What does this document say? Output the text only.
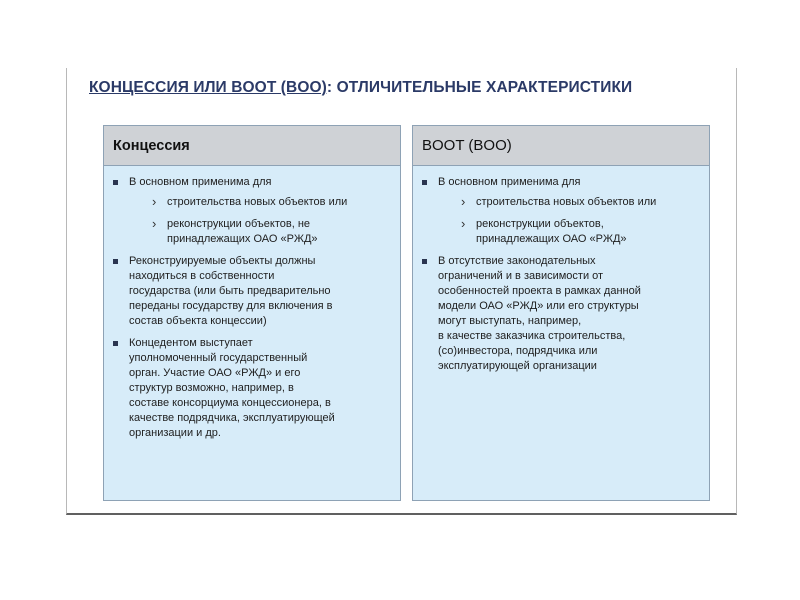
КОНЦЕССИЯ ИЛИ BOOT (BOO): ОТЛИЧИТЕЛЬНЫЕ ХАРАКТЕРИСТИКИ
Концессия
В основном применима для
› строительства новых объектов или
› реконструкции объектов, не
принадлежащих ОАО «РЖД»
Реконструируемые объекты должны
находиться в собственности
государства (или быть предварительно
переданы государству для включения в
состав объекта концессии)
Концедентом выступает
уполномоченный государственный
орган. Участие ОАО «РЖД» и его
структур возможно, например, в
составе консорциума концессионера, в
качестве подрядчика, эксплуатирующей
организации и др.
BOOT (BOO)
В основном применима для
› строительства новых объектов или
› реконструкции объектов,
принадлежащих ОАО «РЖД»
В отсутствие законодательных
ограничений и в зависимости от
особенностей проекта в рамках данной
модели ОАО «РЖД» или его структуры
могут выступать, например,
в качестве заказчика строительства,
(со)инвестора, подрядчика или
эксплуатирующей организации
